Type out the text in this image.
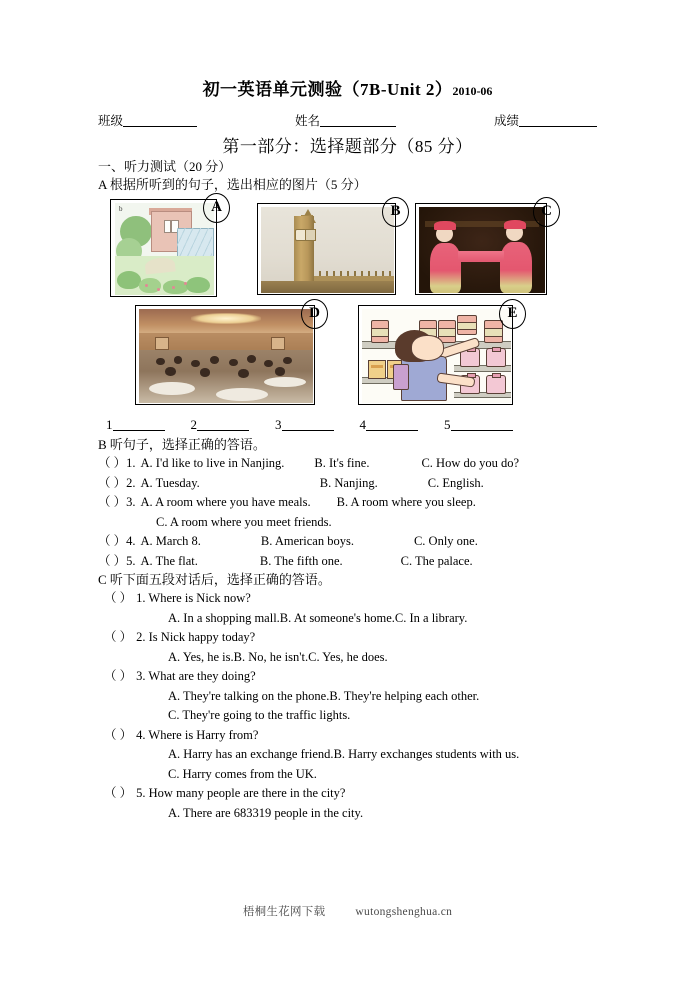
初一英语单元测验（7B-Unit 2）2010-06
班级	姓名	成绩
第一部分：选择题部分（85 分）
一、听力测试（20 分）
A 根据所听到的句子，选出相应的图片（5 分）
b	A	B	C
D	E
1	2	3	4	5
B 听句子，选择正确的答语。
（ ）1. A. I'd like to live in Nanjing. B. It's fine.	C. How do you do?
（ ）2. A. Tuesday.	B. Nanjing.	C. English.
（ ）3. A. A room where you have meals. B. A room where you sleep.
C. A room where you meet friends.
（ ）4. A. March 8.	B. American boys.	C. Only one.
（ ）5. A. The flat.	B. The fifth one.	C. The palace.
C 听下面五段对话后，选择正确的答语。
（ ） 1. Where is Nick now?
A. In a shopping mall.B. At someone's home.C. In a library.
（ ） 2. Is Nick happy today?
A. Yes, he is.B. No, he isn't.C. Yes, he does.
（ ） 3. What are they doing?
A. They're talking on the phone.B. They're helping each other.
C. They're going to the traffic lights.
（ ） 4. Where is Harry from?
A. Harry has an exchange friend.B. Harry exchanges students with us.
C. Harry comes from the UK.
（ ） 5. How many people are there in the city?
A. There are 683319 people in the city.
梧桐生花网下载	wutongshenghua.cn
